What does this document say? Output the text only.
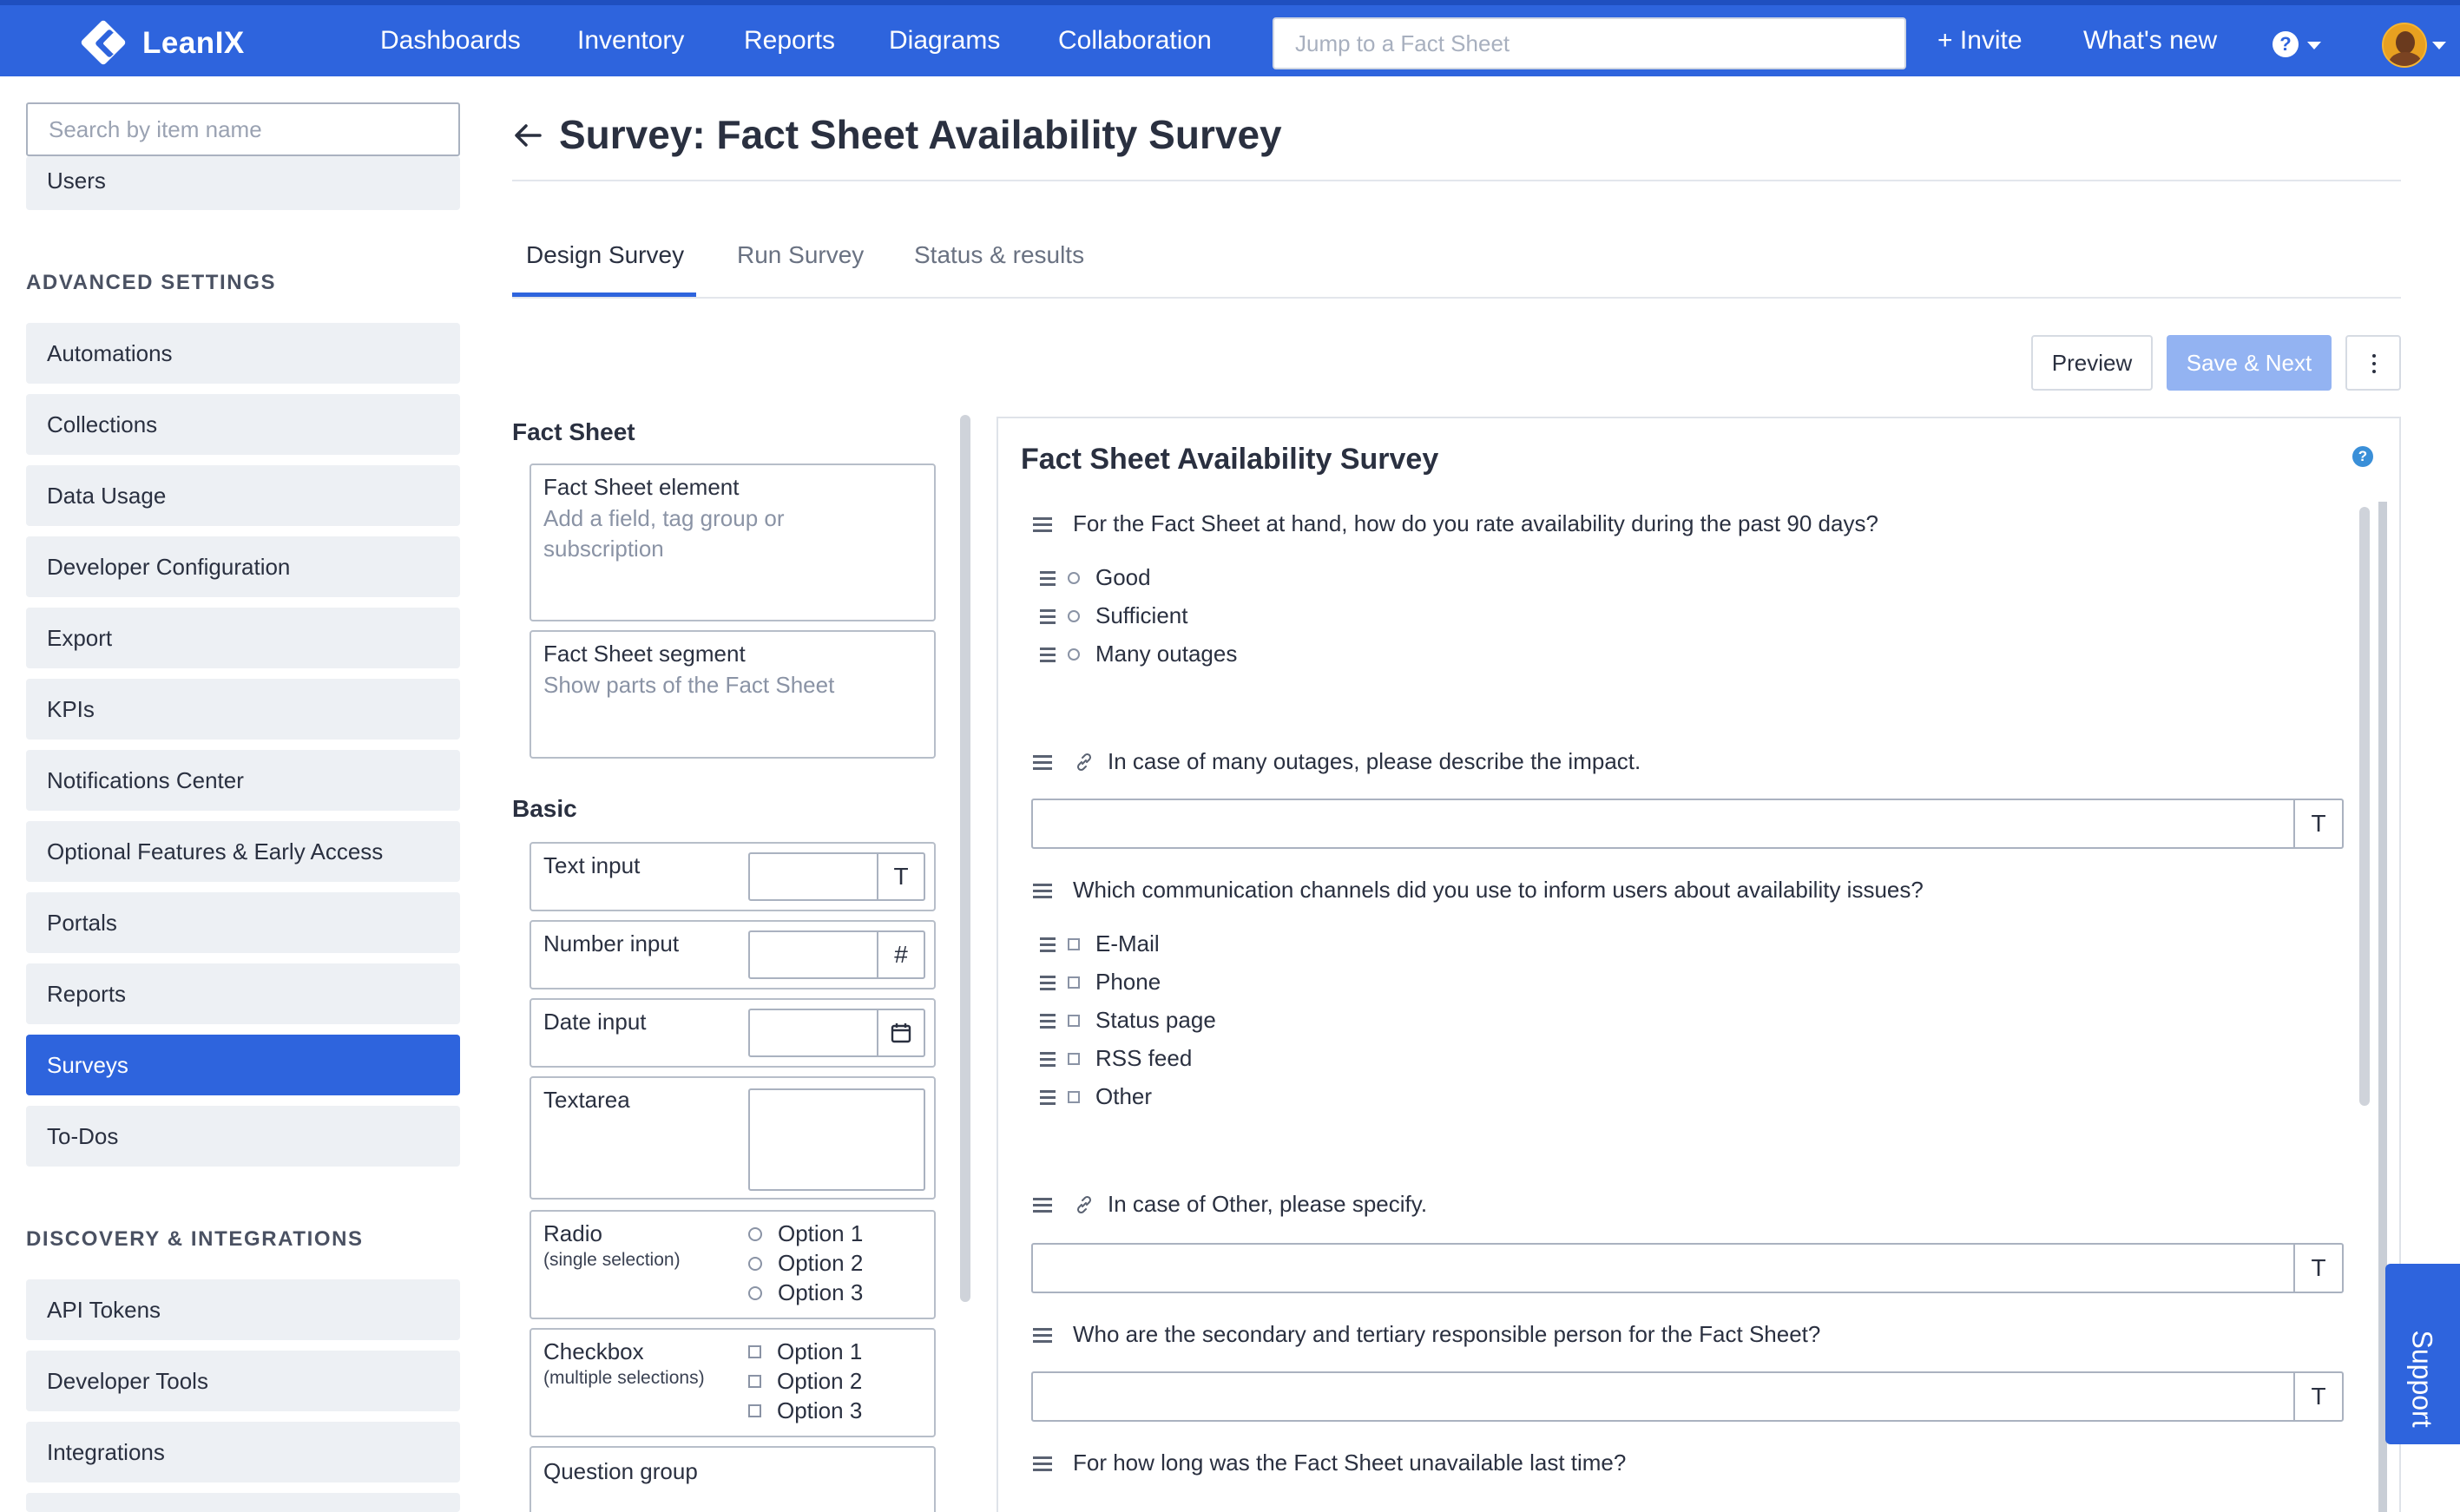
LeanIX	Dashboards Inventory Reports Diagrams Collaboration
Jump to a Fact Sheet	+ Invite What's new	?
Search by item name
Users
ADVANCED SETTINGS
Automations
Collections
Data Usage
Developer Configuration
Export
KPIs
Notifications Center
Optional Features & Early Access
Portals
Reports
Surveys
To-Dos
DISCOVERY & INTEGRATIONS
API Tokens
Developer Tools
Integrations
Survey: Fact Sheet Availability Survey
Design Survey Run Survey Status & results
Preview	Save & Next
Fact Sheet
Fact Sheet element
Add a field, tag group or subscription
Fact Sheet segment
Show parts of the Fact Sheet
Basic
Text input	T
Number input	#
Date input
Textarea
Radio
(single selection)
Option 1
Option 2
Option 3
Checkbox
(multiple selections)
Option 1
Option 2
Option 3
Question group
Fact Sheet Availability Survey	?
For the Fact Sheet at hand, how do you rate availability during the past 90 days?
Good
Sufficient
Many outages
In case of many outages, please describe the impact.
T
Which communication channels did you use to inform users about availability issues?
E-Mail
Phone
Status page
RSS feed
Other
In case of Other, please specify.
T
Who are the secondary and tertiary responsible person for the Fact Sheet?
T
For how long was the Fact Sheet unavailable last time?
Support
